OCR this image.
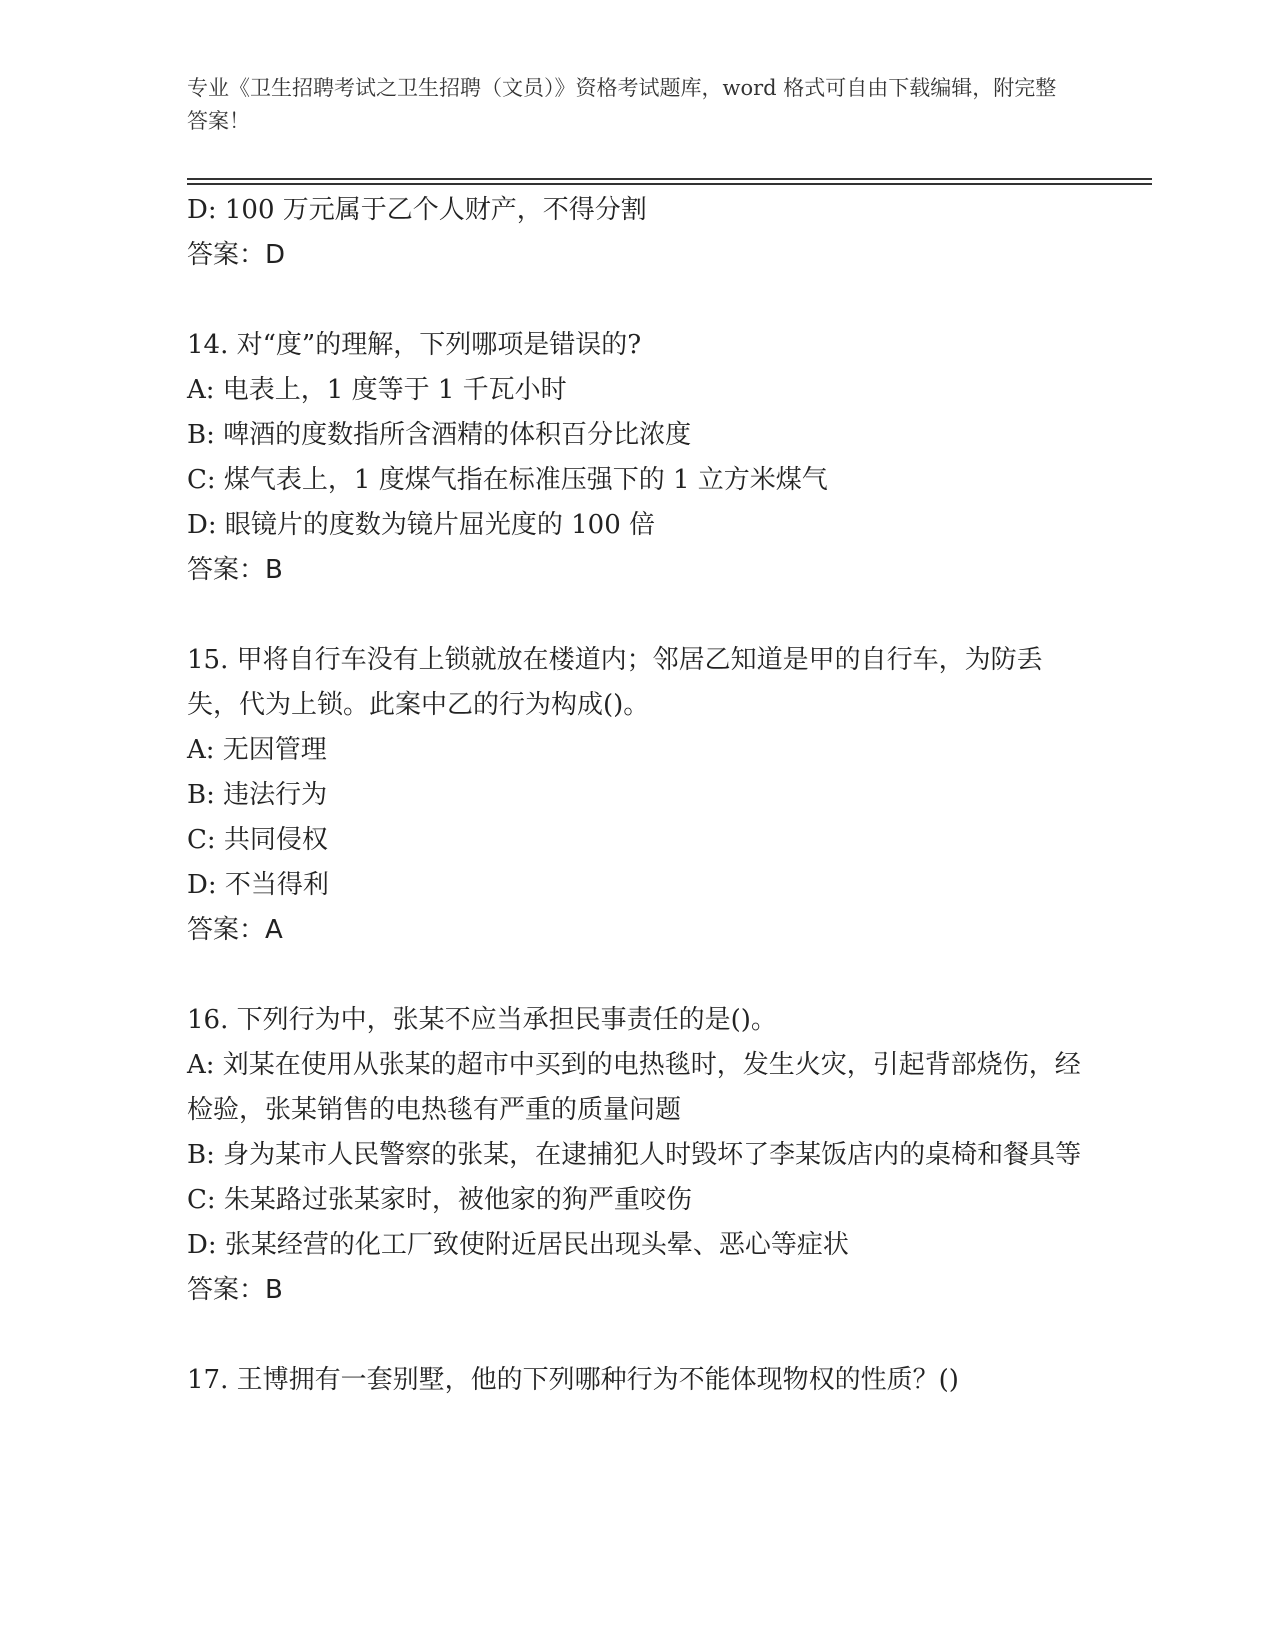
专业《卫生招聘考试之卫生招聘（文员）》资格考试题库，word 格式可自由下载编辑，附完整答案！
D: 100 万元属于乙个人财产，不得分割
答案：D
14. 对“度”的理解，下列哪项是错误的?
A: 电表上，1 度等于 1 千瓦小时
B: 啤酒的度数指所含酒精的体积百分比浓度
C: 煤气表上，1 度煤气指在标准压强下的 1 立方米煤气
D: 眼镜片的度数为镜片屈光度的 100 倍
答案：B
15. 甲将自行车没有上锁就放在楼道内；邻居乙知道是甲的自行车，为防丢失，代为上锁。此案中乙的行为构成()。
A: 无因管理
B: 违法行为
C: 共同侵权
D: 不当得利
答案：A
16. 下列行为中，张某不应当承担民事责任的是()。
A: 刘某在使用从张某的超市中买到的电热毯时，发生火灾，引起背部烧伤，经检验，张某销售的电热毯有严重的质量问题
B: 身为某市人民警察的张某，在逮捕犯人时毁坏了李某饭店内的桌椅和餐具等
C: 朱某路过张某家时，被他家的狗严重咬伤
D: 张某经营的化工厂致使附近居民出现头晕、恶心等症状
答案：B
17. 王博拥有一套别墅，他的下列哪种行为不能体现物权的性质？()
